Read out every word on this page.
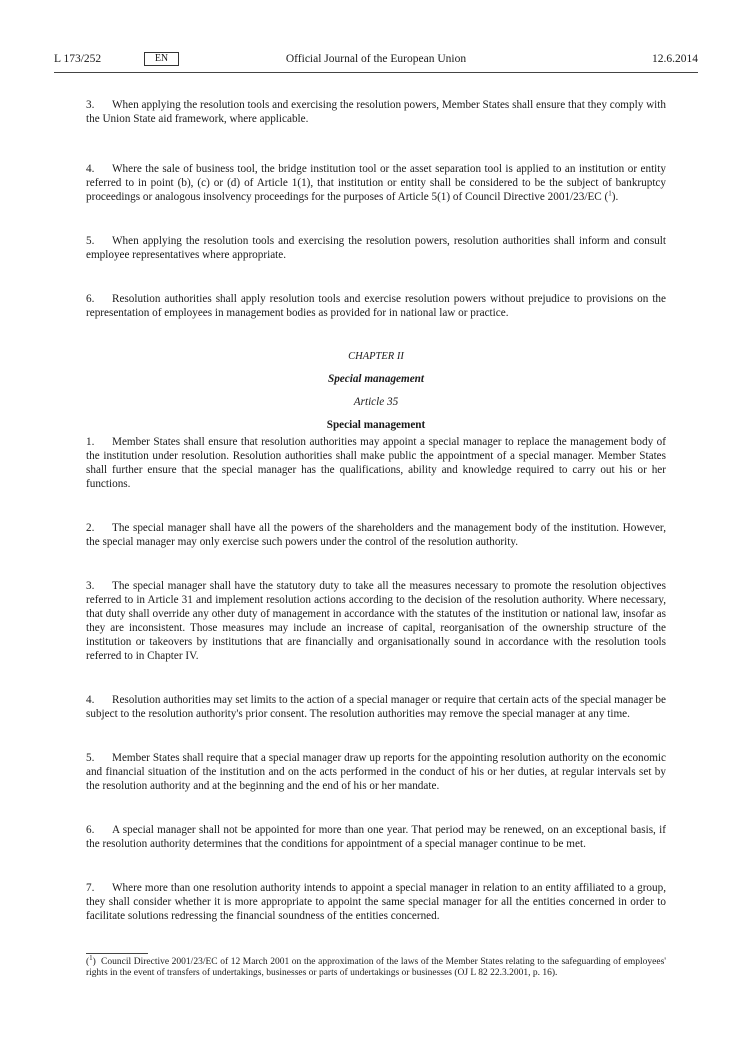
L 173/252	EN	Official Journal of the European Union	12.6.2014

3. When applying the resolution tools and exercising the resolution powers, Member States shall ensure that they comply with the Union State aid framework, where applicable.

4. Where the sale of business tool, the bridge institution tool or the asset separation tool is applied to an institution or entity referred to in point (b), (c) or (d) of Article 1(1), that institution or entity shall be considered to be the subject of bankruptcy proceedings or analogous insolvency proceedings for the purposes of Article 5(1) of Council Directive 2001/23/EC ($^1$).

5. When applying the resolution tools and exercising the resolution powers, resolution authorities shall inform and consult employee representatives where appropriate.

6. Resolution authorities shall apply resolution tools and exercise resolution powers without prejudice to provisions on the representation of employees in management bodies as provided for in national law or practice.

CHAPTER II

Special management

Article 35

Special management

1. Member States shall ensure that resolution authorities may appoint a special manager to replace the management body of the institution under resolution. Resolution authorities shall make public the appointment of a special manager. Member States shall further ensure that the special manager has the qualifications, ability and knowledge required to carry out his or her functions.

2. The special manager shall have all the powers of the shareholders and the management body of the institution. However, the special manager may only exercise such powers under the control of the resolution authority.

3. The special manager shall have the statutory duty to take all the measures necessary to promote the resolution objectives referred to in Article 31 and implement resolution actions according to the decision of the resolution authority. Where necessary, that duty shall override any other duty of management in accordance with the statutes of the institution or national law, insofar as they are inconsistent. Those measures may include an increase of capital, reorganisation of the ownership structure of the institution or takeovers by institutions that are financially and organisationally sound in accordance with the resolution tools referred to in Chapter IV.

4. Resolution authorities may set limits to the action of a special manager or require that certain acts of the special manager be subject to the resolution authority's prior consent. The resolution authorities may remove the special manager at any time.

5. Member States shall require that a special manager draw up reports for the appointing resolution authority on the economic and financial situation of the institution and on the acts performed in the conduct of his or her duties, at regular intervals set by the resolution authority and at the beginning and the end of his or her mandate.

6. A special manager shall not be appointed for more than one year. That period may be renewed, on an exceptional basis, if the resolution authority determines that the conditions for appointment of a special manager continue to be met.

7. Where more than one resolution authority intends to appoint a special manager in relation to an entity affiliated to a group, they shall consider whether it is more appropriate to appoint the same special manager for all the entities concerned in order to facilitate solutions redressing the financial soundness of the entities concerned.

($^1$) Council Directive 2001/23/EC of 12 March 2001 on the approximation of the laws of the Member States relating to the safeguarding of employees' rights in the event of transfers of undertakings, businesses or parts of undertakings or businesses (OJ L 82 22.3.2001, p. 16).
